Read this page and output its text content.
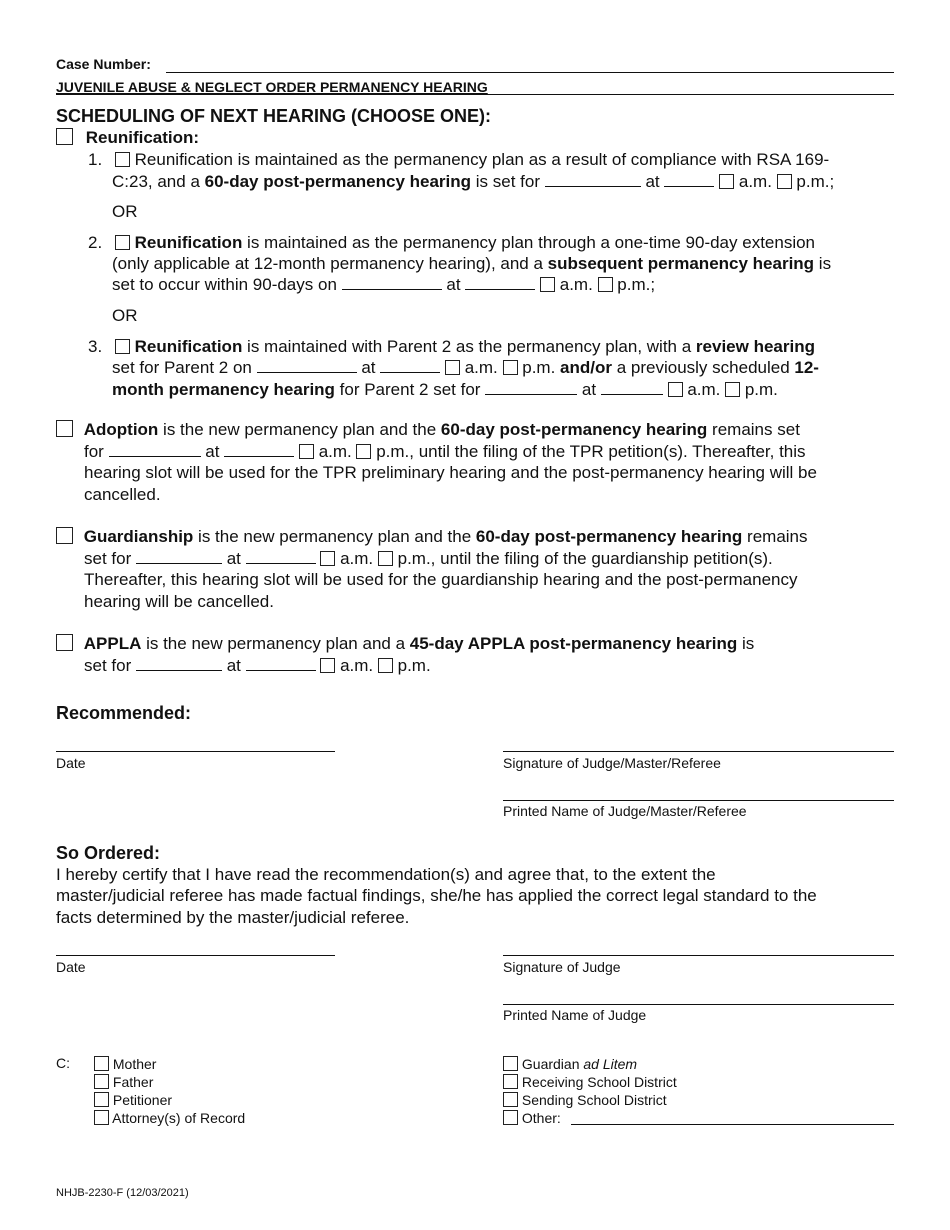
Case Number:
JUVENILE ABUSE & NEGLECT ORDER PERMANENCY HEARING
SCHEDULING OF NEXT HEARING (CHOOSE ONE):
Reunification:
1. Reunification is maintained as the permanency plan as a result of compliance with RSA 169-
C:23, and a 60-day post-permanency hearing is set for	at	a.m. p.m.;
OR
2. Reunification is maintained as the permanency plan through a one-time 90-day extension
(only applicable at 12-month permanency hearing), and a subsequent permanency hearing is
set to occur within 90-days on	at	a.m. p.m.;
OR
3. Reunification is maintained with Parent 2 as the permanency plan, with a review hearing
set for Parent 2 on	at	a.m. p.m. and/or a previously scheduled 12-
month permanency hearing for Parent 2 set for	at	a.m. p.m.
Adoption is the new permanency plan and the 60-day post-permanency hearing remains set
for	at	a.m. p.m., until the filing of the TPR petition(s). Thereafter, this
hearing slot will be used for the TPR preliminary hearing and the post-permanency hearing will be
cancelled.
Guardianship is the new permanency plan and the 60-day post-permanency hearing remains
set for	at	a.m. p.m., until the filing of the guardianship petition(s).
Thereafter, this hearing slot will be used for the guardianship hearing and the post-permanency
hearing will be cancelled.
APPLA is the new permanency plan and a 45-day APPLA post-permanency hearing is
set for	at	a.m. p.m.
Recommended:
Date	Signature of Judge/Master/Referee
Printed Name of Judge/Master/Referee
So Ordered:
I hereby certify that I have read the recommendation(s) and agree that, to the extent the
master/judicial referee has made factual findings, she/he has applied the correct legal standard to the
facts determined by the master/judicial referee.
Date	Signature of Judge
Printed Name of Judge
C:	Mother
Father
Petitioner
Attorney(s) of Record
Guardian ad Litem
Receiving School District
Sending School District
Other:
NHJB-2230-F (12/03/2021)
